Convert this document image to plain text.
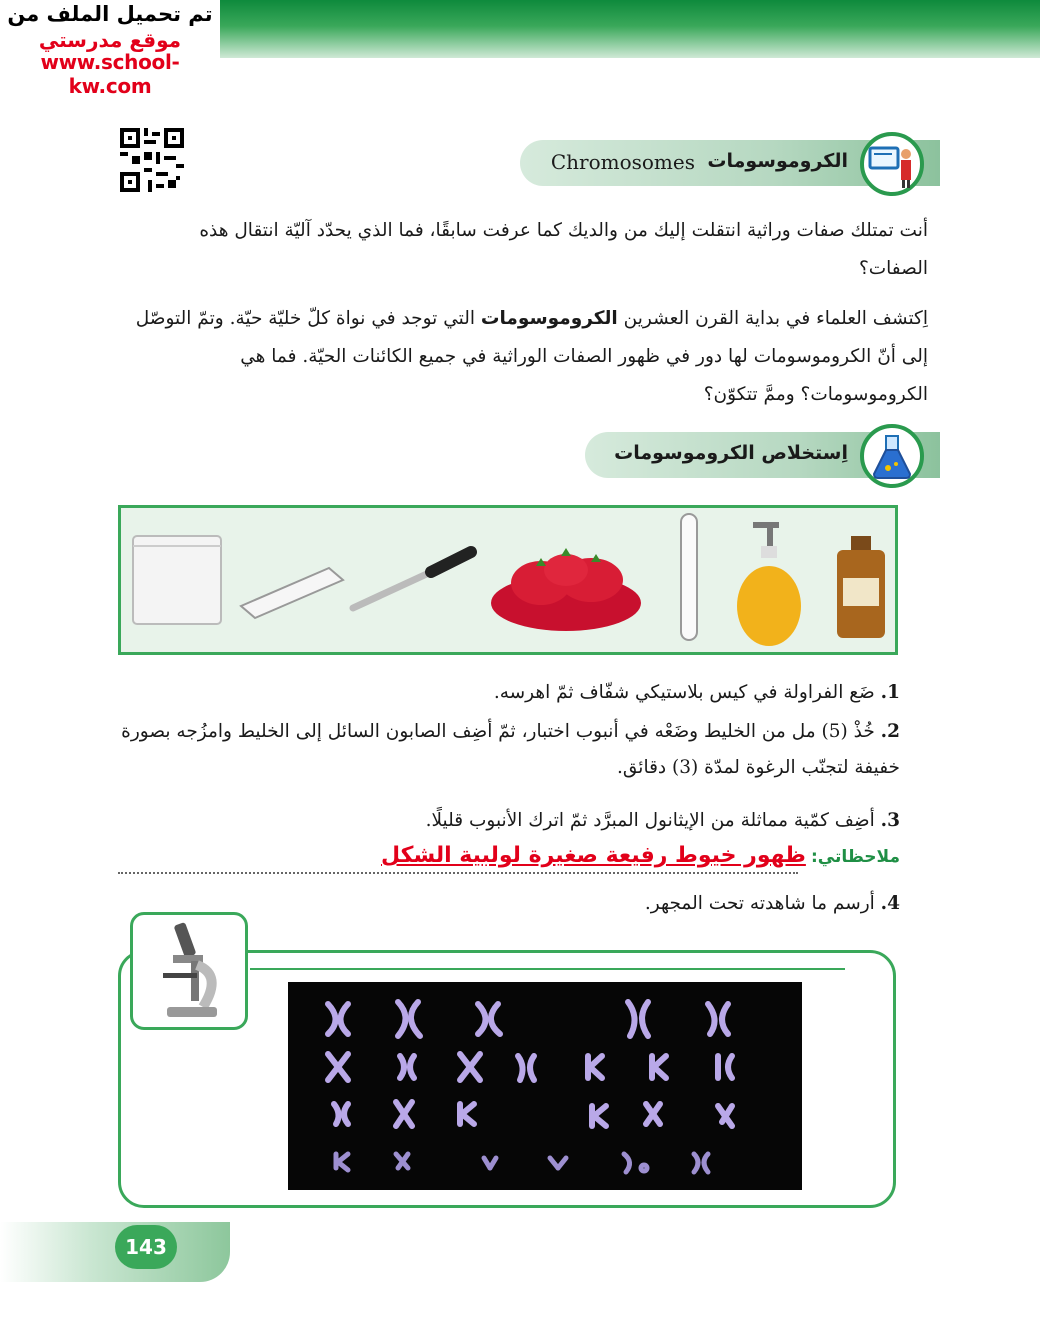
تم تحميل الملف من
موقع مدرستي
www.school-kw.com
Chromosomes الكروموسومات
أنت تمتلك صفات وراثية انتقلت إليك من والديك كما عرفت سابقًا، فما الذي يحدّد آليّة انتقال هذه الصفات؟
اِكتشف العلماء في بداية القرن العشرين الكروموسومات التي توجد في نواة كلّ خليّة حيّة. وتمّ التوصّل إلى أنّ الكروموسومات لها دور في ظهور الصفات الوراثية في جميع الكائنات الحيّة. فما هي الكروموسومات؟ وممَّ تتكوّن؟
اِستخلاص الكروموسومات
1. ضَع الفراولة في كيس بلاستيكي شفّاف ثمّ اهرسه.
2. خُذْ (5) مل من الخليط وضَعْه في أنبوب اختبار، ثمّ أضِف الصابون السائل إلى الخليط وامزُجه بصورة خفيفة لتجنّب الرغوة لمدّة (3) دقائق.
3. أضِف كمّية مماثلة من الإيثانول المبرَّد ثمّ اترك الأنبوب قليلًا.
ملاحظاتي: ظهور خيوط رفيعة صغيرة لولبية الشكل
4. أرسم ما شاهدته تحت المجهر.
143
